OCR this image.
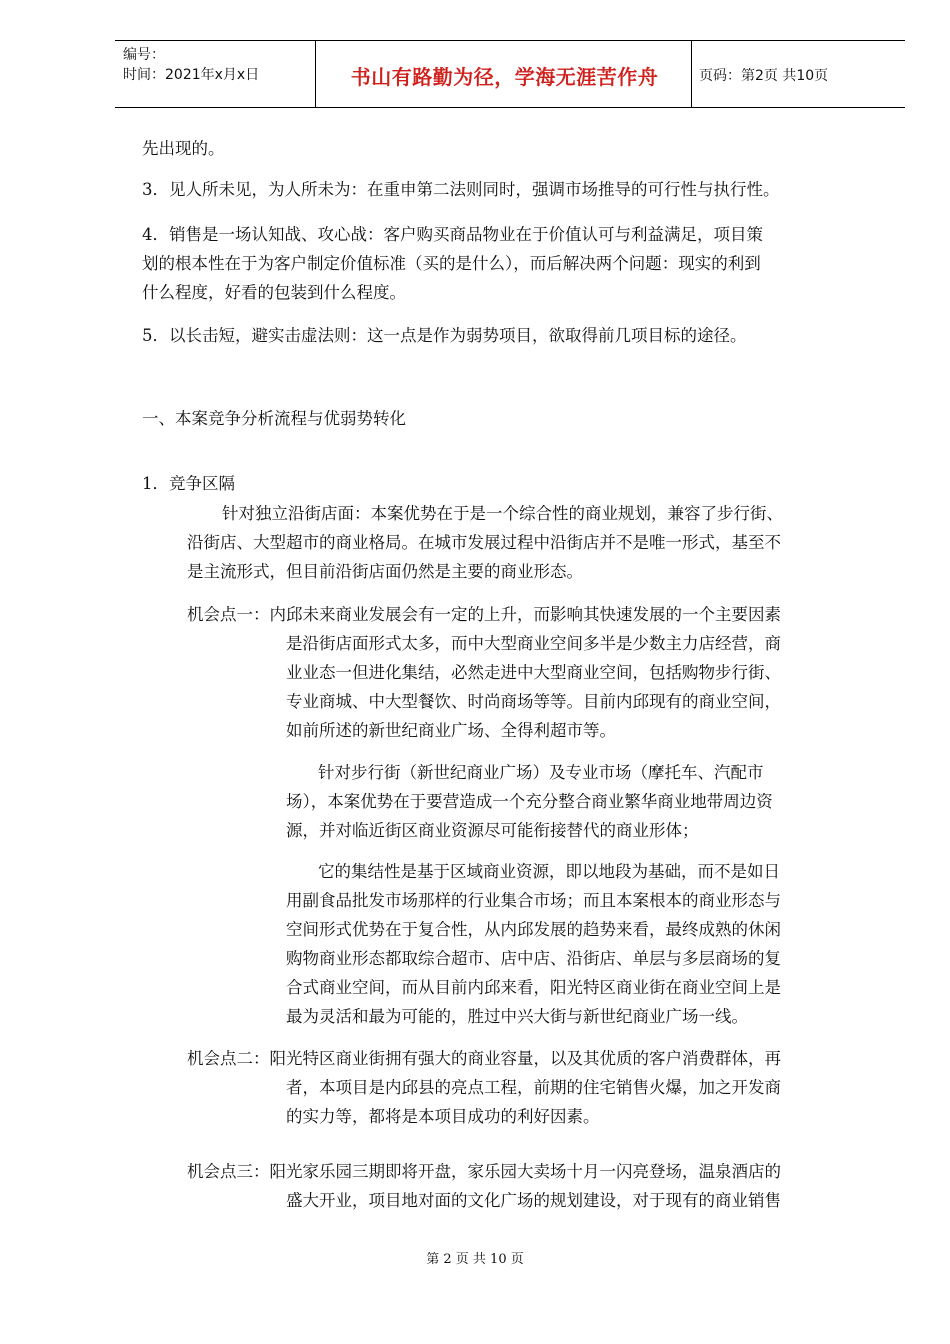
编号：
时间：2021年x月x日	书山有路勤为径，学海无涯苦作舟	页码：第2页 共10页
先出现的。
3．见人所未见，为人所未为：在重申第二法则同时，强调市场推导的可行性与执行性。
4．销售是一场认知战、攻心战：客户购买商品物业在于价值认可与利益满足，项目策
划的根本性在于为客户制定价值标准（买的是什么），而后解决两个问题：现实的利到
什么程度，好看的包装到什么程度。
5．以长击短，避实击虚法则：这一点是作为弱势项目，欲取得前几项目标的途径。
一、本案竞争分析流程与优弱势转化
1．竞争区隔
针对独立沿街店面：本案优势在于是一个综合性的商业规划，兼容了步行街、
沿街店、大型超市的商业格局。在城市发展过程中沿街店并不是唯一形式，基至不
是主流形式，但目前沿街店面仍然是主要的商业形态。
机会点一：内邱未来商业发展会有一定的上升，而影响其快速发展的一个主要因素
是沿街店面形式太多，而中大型商业空间多半是少数主力店经营，商
业业态一但进化集结，必然走进中大型商业空间，包括购物步行街、
专业商城、中大型餐饮、时尚商场等等。目前内邱现有的商业空间，
如前所述的新世纪商业广场、全得利超市等。
针对步行街（新世纪商业广场）及专业市场（摩托车、汽配市
场），本案优势在于要营造成一个充分整合商业繁华商业地带周边资
源，并对临近街区商业资源尽可能衔接替代的商业形体；
它的集结性是基于区域商业资源，即以地段为基础，而不是如日
用副食品批发市场那样的行业集合市场；而且本案根本的商业形态与
空间形式优势在于复合性，从内邱发展的趋势来看，最终成熟的休闲
购物商业形态都取综合超市、店中店、沿街店、单层与多层商场的复
合式商业空间，而从目前内邱来看，阳光特区商业街在商业空间上是
最为灵活和最为可能的，胜过中兴大街与新世纪商业广场一线。
机会点二：阳光特区商业街拥有强大的商业容量，以及其优质的客户消费群体，再
者，本项目是内邱县的亮点工程，前期的住宅销售火爆，加之开发商
的实力等，都将是本项目成功的利好因素。
机会点三：阳光家乐园三期即将开盘，家乐园大卖场十月一闪亮登场，温泉酒店的
盛大开业，项目地对面的文化广场的规划建设，对于现有的商业销售
第 2 页 共 10 页
